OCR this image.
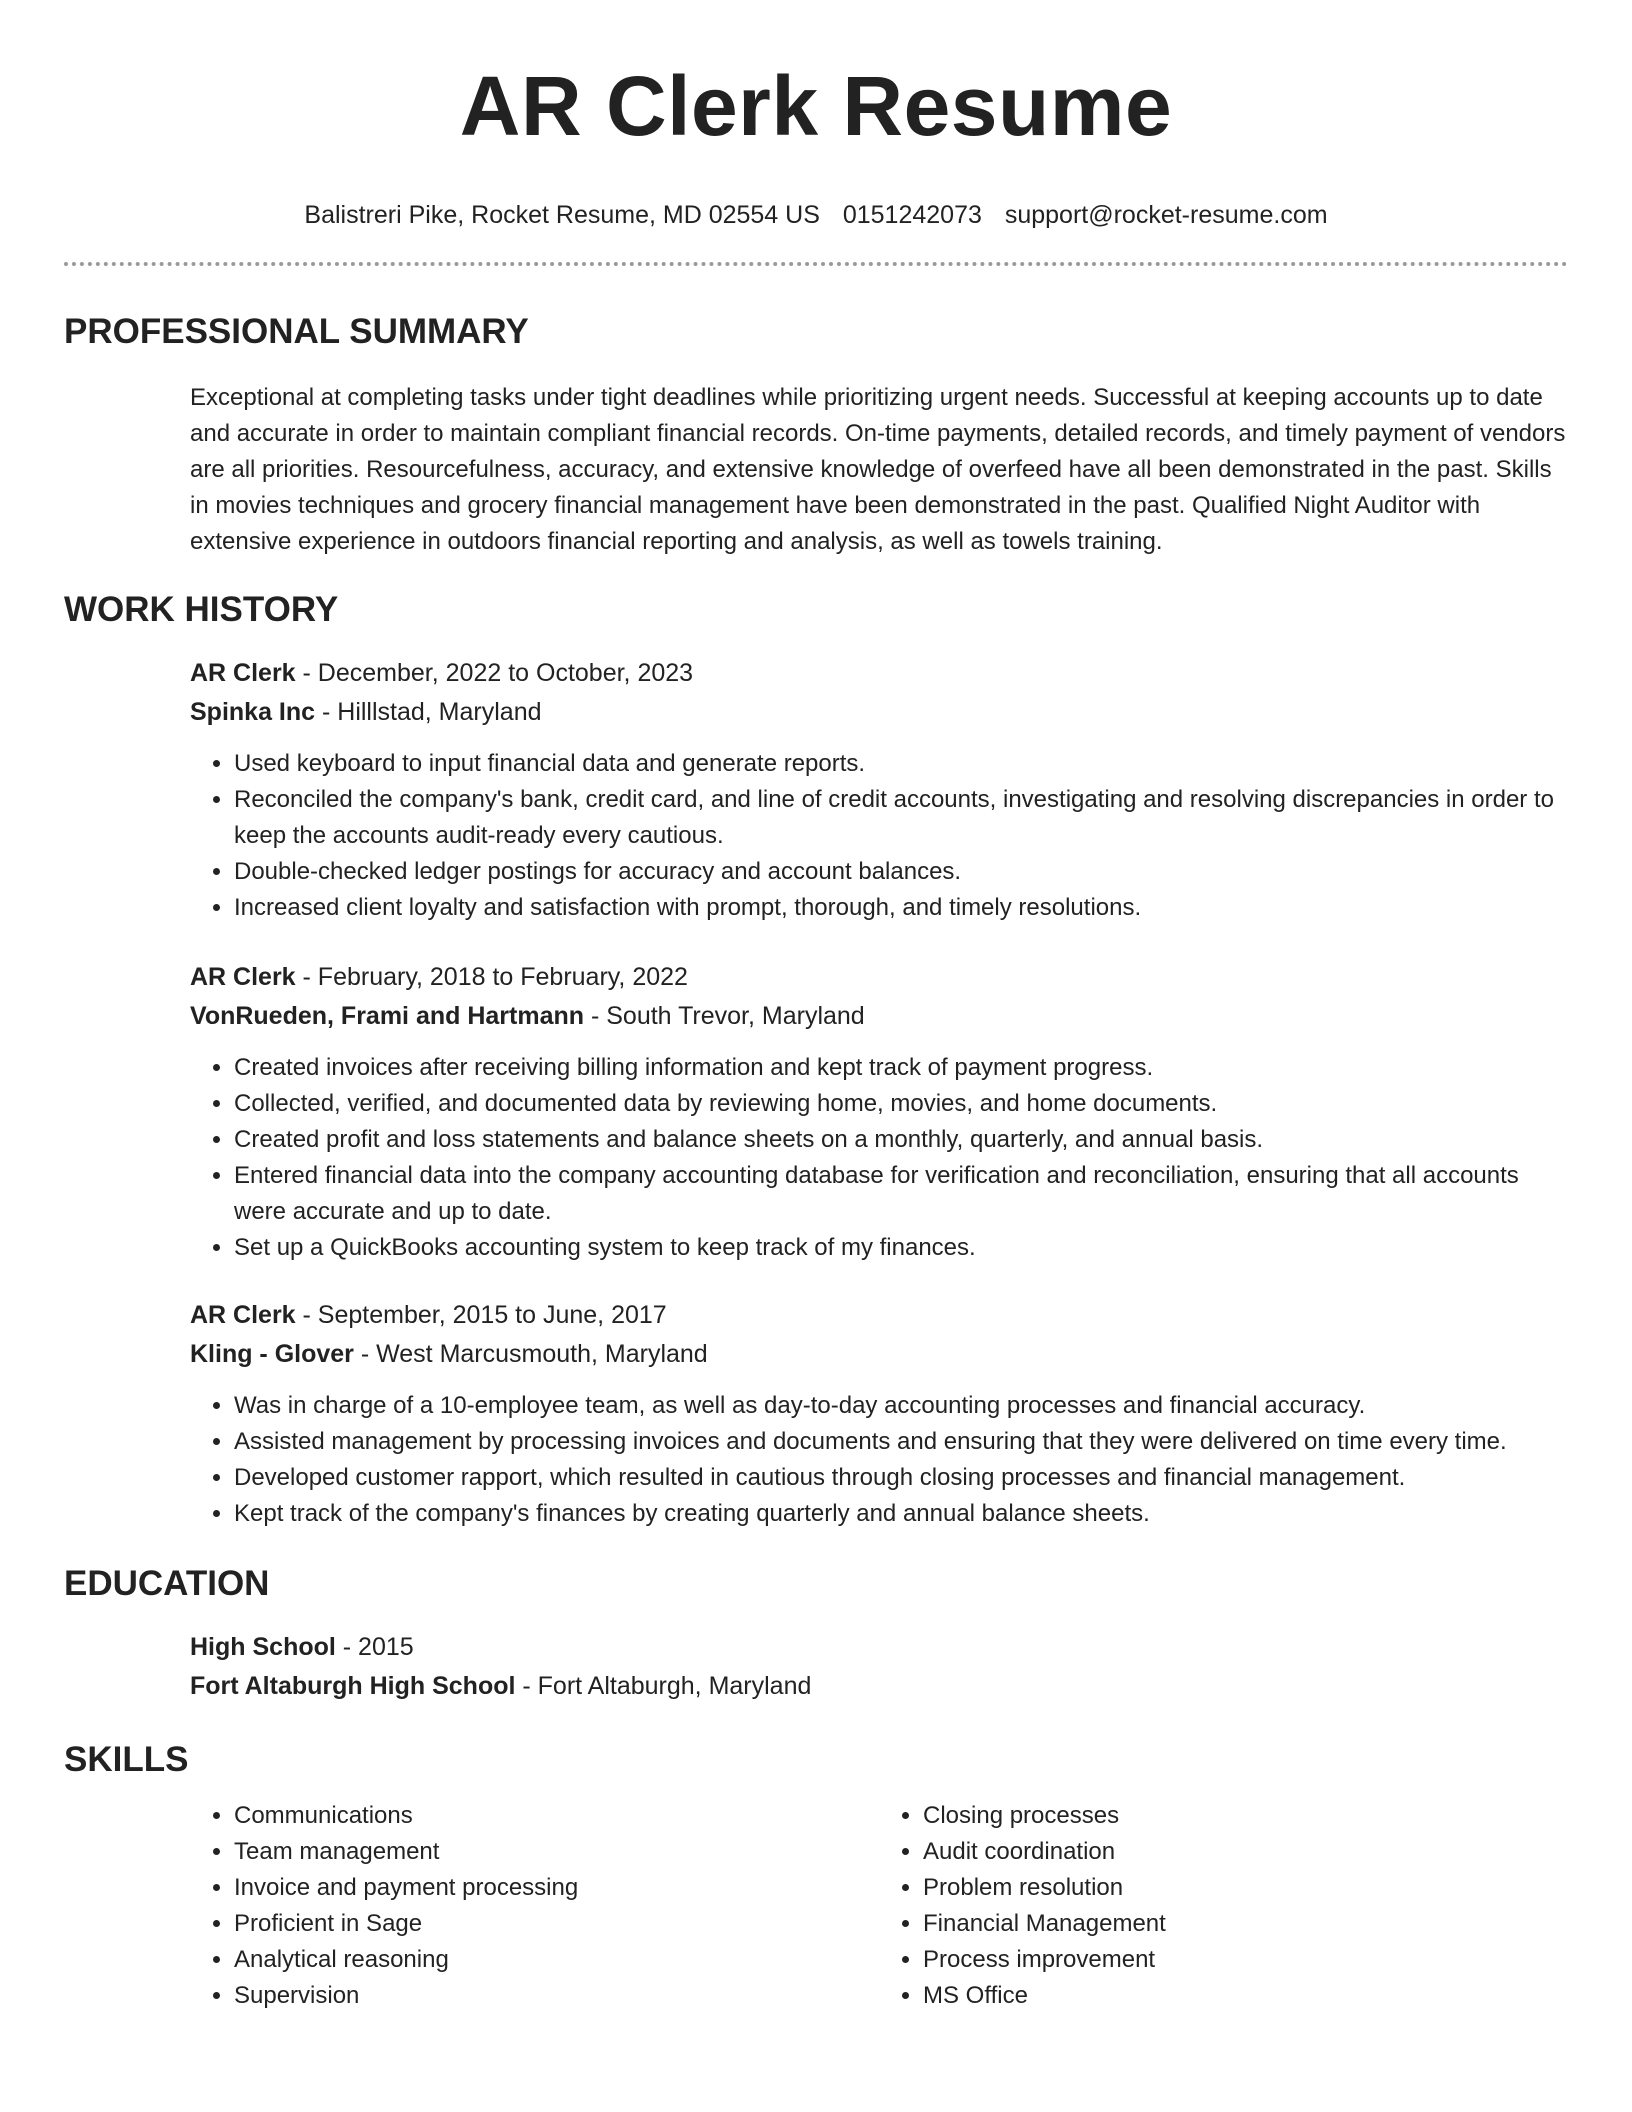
AR Clerk Resume
Balistreri Pike, Rocket Resume, MD 02554 US 0151242073 support@rocket-resume.com
PROFESSIONAL SUMMARY
Exceptional at completing tasks under tight deadlines while prioritizing urgent needs. Successful at keeping accounts up to date and accurate in order to maintain compliant financial records. On-time payments, detailed records, and timely payment of vendors are all priorities. Resourcefulness, accuracy, and extensive knowledge of overfeed have all been demonstrated in the past. Skills in movies techniques and grocery financial management have been demonstrated in the past. Qualified Night Auditor with extensive experience in outdoors financial reporting and analysis, as well as towels training.
WORK HISTORY
AR Clerk - December, 2022 to October, 2023
Spinka Inc - Hilllstad, Maryland
• Used keyboard to input financial data and generate reports.
• Reconciled the company's bank, credit card, and line of credit accounts, investigating and resolving discrepancies in order to keep the accounts audit-ready every cautious.
• Double-checked ledger postings for accuracy and account balances.
• Increased client loyalty and satisfaction with prompt, thorough, and timely resolutions.
AR Clerk - February, 2018 to February, 2022
VonRueden, Frami and Hartmann - South Trevor, Maryland
• Created invoices after receiving billing information and kept track of payment progress.
• Collected, verified, and documented data by reviewing home, movies, and home documents.
• Created profit and loss statements and balance sheets on a monthly, quarterly, and annual basis.
• Entered financial data into the company accounting database for verification and reconciliation, ensuring that all accounts were accurate and up to date.
• Set up a QuickBooks accounting system to keep track of my finances.
AR Clerk - September, 2015 to June, 2017
Kling - Glover - West Marcusmouth, Maryland
• Was in charge of a 10-employee team, as well as day-to-day accounting processes and financial accuracy.
• Assisted management by processing invoices and documents and ensuring that they were delivered on time every time.
• Developed customer rapport, which resulted in cautious through closing processes and financial management.
• Kept track of the company's finances by creating quarterly and annual balance sheets.
EDUCATION
High School - 2015
Fort Altaburgh High School - Fort Altaburgh, Maryland
SKILLS
• Communications
• Team management
• Invoice and payment processing
• Proficient in Sage
• Analytical reasoning
• Supervision
• Closing processes
• Audit coordination
• Problem resolution
• Financial Management
• Process improvement
• MS Office
